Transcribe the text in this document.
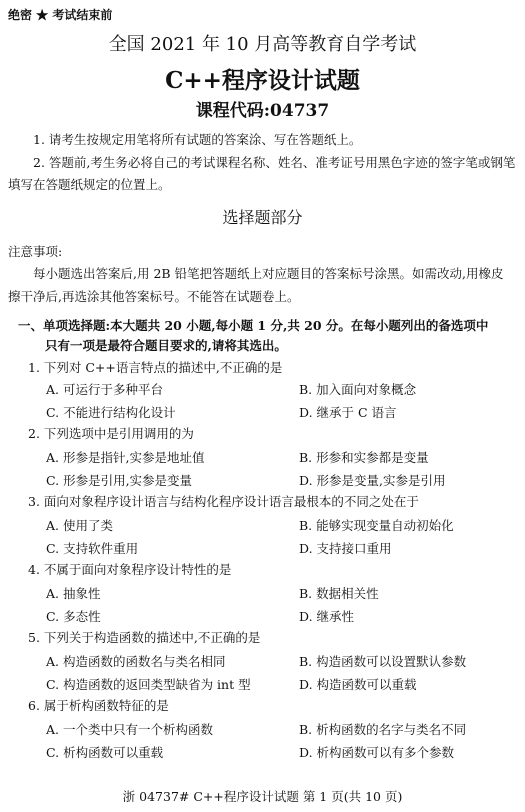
绝密 ★ 考试结束前
全国 2021 年 10 月高等教育自学考试
C++程序设计试题
课程代码:04737
1. 请考生按规定用笔将所有试题的答案涂、写在答题纸上。
2. 答题前,考生务必将自己的考试课程名称、姓名、准考证号用黑色字迹的签字笔或钢笔
填写在答题纸规定的位置上。
选择题部分
注意事项:
每小题选出答案后,用 2B 铅笔把答题纸上对应题目的答案标号涂黑。如需改动,用橡皮
擦干净后,再选涂其他答案标号。不能答在试题卷上。
一、单项选择题:本大题共 20 小题,每小题 1 分,共 20 分。在每小题列出的备选项中
只有一项是最符合题目要求的,请将其选出。
1. 下列对 C++语言特点的描述中,不正确的是
A. 可运行于多种平台	B. 加入面向对象概念
C. 不能进行结构化设计	D. 继承于 C 语言
2. 下列选项中是引用调用的为
A. 形参是指针,实参是地址值	B. 形参和实参都是变量
C. 形参是引用,实参是变量	D. 形参是变量,实参是引用
3. 面向对象程序设计语言与结构化程序设计语言最根本的不同之处在于
A. 使用了类	B. 能够实现变量自动初始化
C. 支持软件重用	D. 支持接口重用
4. 不属于面向对象程序设计特性的是
A. 抽象性	B. 数据相关性
C. 多态性	D. 继承性
5. 下列关于构造函数的描述中,不正确的是
A. 构造函数的函数名与类名相同	B. 构造函数可以设置默认参数
C. 构造函数的返回类型缺省为 int 型	D. 构造函数可以重载
6. 属于析构函数特征的是
A. 一个类中只有一个析构函数	B. 析构函数的名字与类名不同
C. 析构函数可以重载	D. 析构函数可以有多个参数
浙 04737# C++程序设计试题 第 1 页(共 10 页)
